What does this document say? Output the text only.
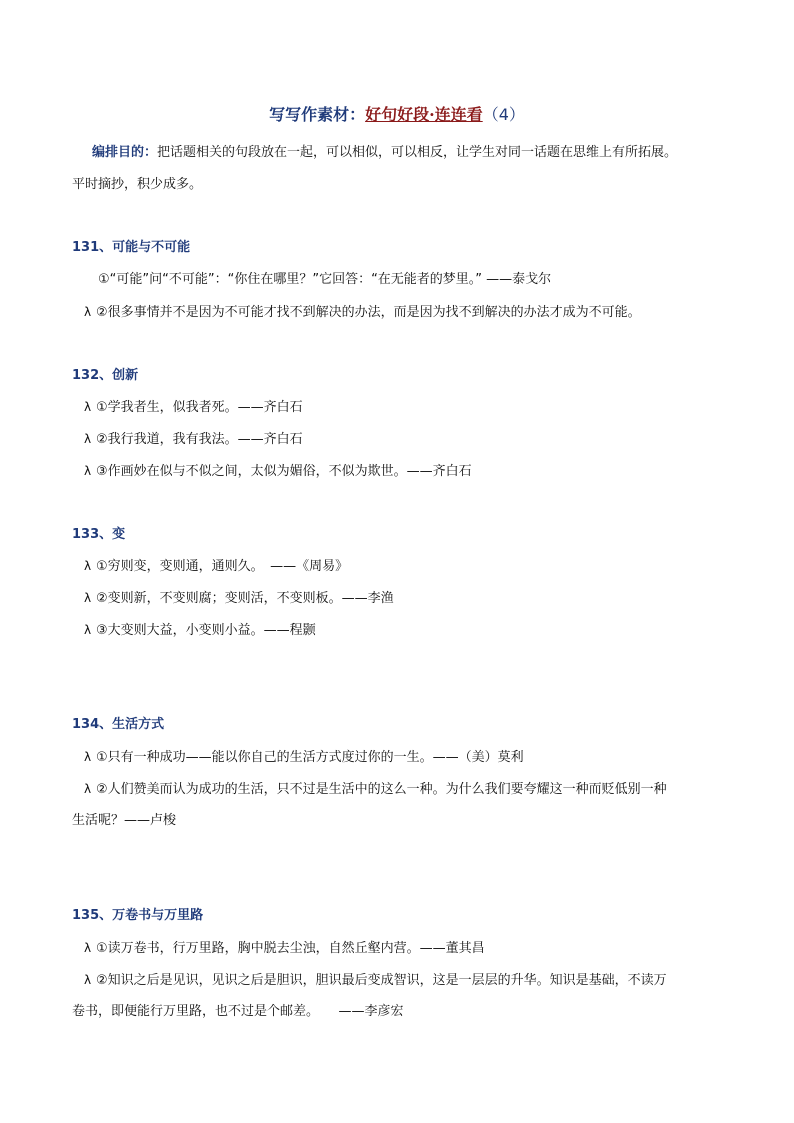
写写作素材：好句好段·连连看（4）
编排目的：把话题相关的句段放在一起，可以相似，可以相反，让学生对同一话题在思维上有所拓展。
平时摘抄，积少成多。
131、可能与不可能
①“可能”问“不可能”：“你住在哪里？”它回答：“在无能者的梦里。” ——泰戈尔
λ ②很多事情并不是因为不可能才找不到解决的办法，而是因为找不到解决的办法才成为不可能。
132、创新
λ ①学我者生，似我者死。——齐白石
λ ②我行我道，我有我法。——齐白石
λ ③作画妙在似与不似之间，太似为媚俗，不似为欺世。——齐白石
133、变
λ ①穷则变，变则通，通则久。　——《周易》
λ ②变则新，不变则腐；变则活，不变则板。——李渔
λ ③大变则大益，小变则小益。——程颢
134、生活方式
λ ①只有一种成功——能以你自己的生活方式度过你的一生。——（美）莫利
λ ②人们赞美而认为成功的生活，只不过是生活中的这么一种。为什么我们要夸耀这一种而贬低别一种
生活呢？——卢梭
135、万卷书与万里路
λ ①读万卷书，行万里路，胸中脱去尘浊，自然丘壑内营。——董其昌
λ ②知识之后是见识，见识之后是胆识，胆识最后变成智识，这是一层层的升华。知识是基础，不读万
卷书，即便能行万里路，也不过是个邮差。　　——李彦宏
